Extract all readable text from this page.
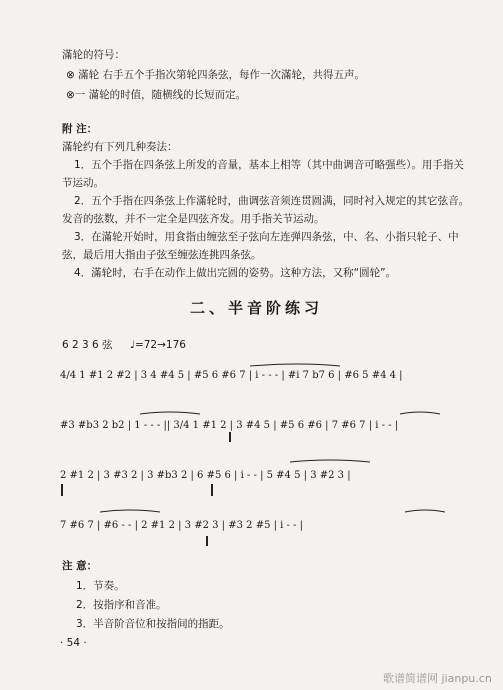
滿轮的符号：
⊗ 滿轮 右手五个手指次第轮四条弦，每作一次滿轮，共得五声。
⊗一 滿轮的时值，随横线的长短而定。
附 注：
滿轮约有下列几种奏法：
1．五个手指在四条弦上所发的音量，基本上相等（其中曲调音可略强些）。用手指关
节运动。
2．五个手指在四条弦上作滿轮时，曲调弦音须连贯圆满，同时衬入规定的其它弦音。
发音的弦数，并不一定全是四弦齐发。用手指关节运动。
3．在滿轮开始时，用食指由缠弦至子弦向左连弹四条弦，中、名、小指只轮子、中
弦，最后用大指由子弦至缠弦连挑四条弦。
4．滿轮时，右手在动作上做出完圆的姿势。这种方法，又称“圆轮”。
二、半音阶练习
6 2 3 6 弦 ♩=72→176
4/4 1 #1 2 #2 | 3 4 #4 5 | #5 6 #6 7 | i - - - | #i 7 b7 6 | #6 5 #4 4 |
#3 #b3 2 b2 | 1 - - - || 3/4 1 #1 2 | 3 #4 5 | #5 6 #6 | 7 #6 7 | i - - |
2 #1 2 | 3 #3 2 | 3 #b3 2 | 6 #5 6 | i - - | 5 #4 5 | 3 #2 3 |
7 #6 7 | #6 - - | 2 #1 2 | 3 #2 3 | #3 2 #5 | i - - |
注 意：
1．节奏。
2．按指序和音准。
3．半音阶音位和按指间的指距。
· 54 ·
歌谱简谱网 jianpu.cn
